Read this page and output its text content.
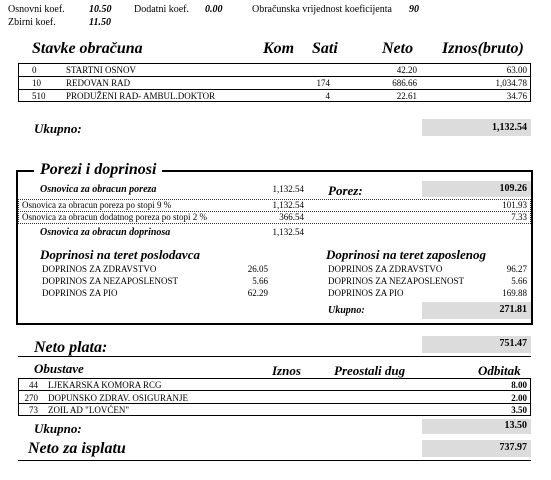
Osnovni koef. 10.50 Dodatni koef. 0.00	Obračunska vrijednost koeficijenta 90
Zbirni koef.	11.50
Stavke obračuna	Kom Sati	Neto Iznos(bruto)
0	STARTNI OSNOV	42.20	63.00
10	REDOVAN RAD	174	686.66	1,034.78
510 PRODUŽENI RAD- AMBUL.DOKTOR	4	22.61	34.76
Ukupno:	1,132.54
Porezi i doprinosi
Osnovica za obracun poreza	1,132.54 Porez:	109.26
Osnovica za obracun poreza po stopi 9 %	1,132.54	101.93
Osnovica za obracun dodatnog poreza po stopi 2 %	366.54	7.33
Osnovica za obracun doprinosa	1,132.54
Doprinosi na teret poslodavca
DOPRINOS ZA ZDRAVSTVO	26.05
DOPRINOS ZA NEZAPOSLENOST	5.66
DOPRINOS ZA PIO	62.29
Doprinosi na teret zaposlenog
DOPRINOS ZA ZDRAVSTVO	96.27
DOPRINOS ZA NEZAPOSLENOST	5.66
DOPRINOS ZA PIO	169.88
Ukupno:	271.81
Neto plata:	751.47
Obustave	Iznos	Preostali dug	Odbitak
44 LJEKARSKA KOMORA RCG	8.00
270 DOPUNSKO ZDRAV. OSIGURANJE	2.00
73 ZOIL AD "LOVĆEN"	3.50
Ukupno:	13.50
Neto za isplatu	737.97
